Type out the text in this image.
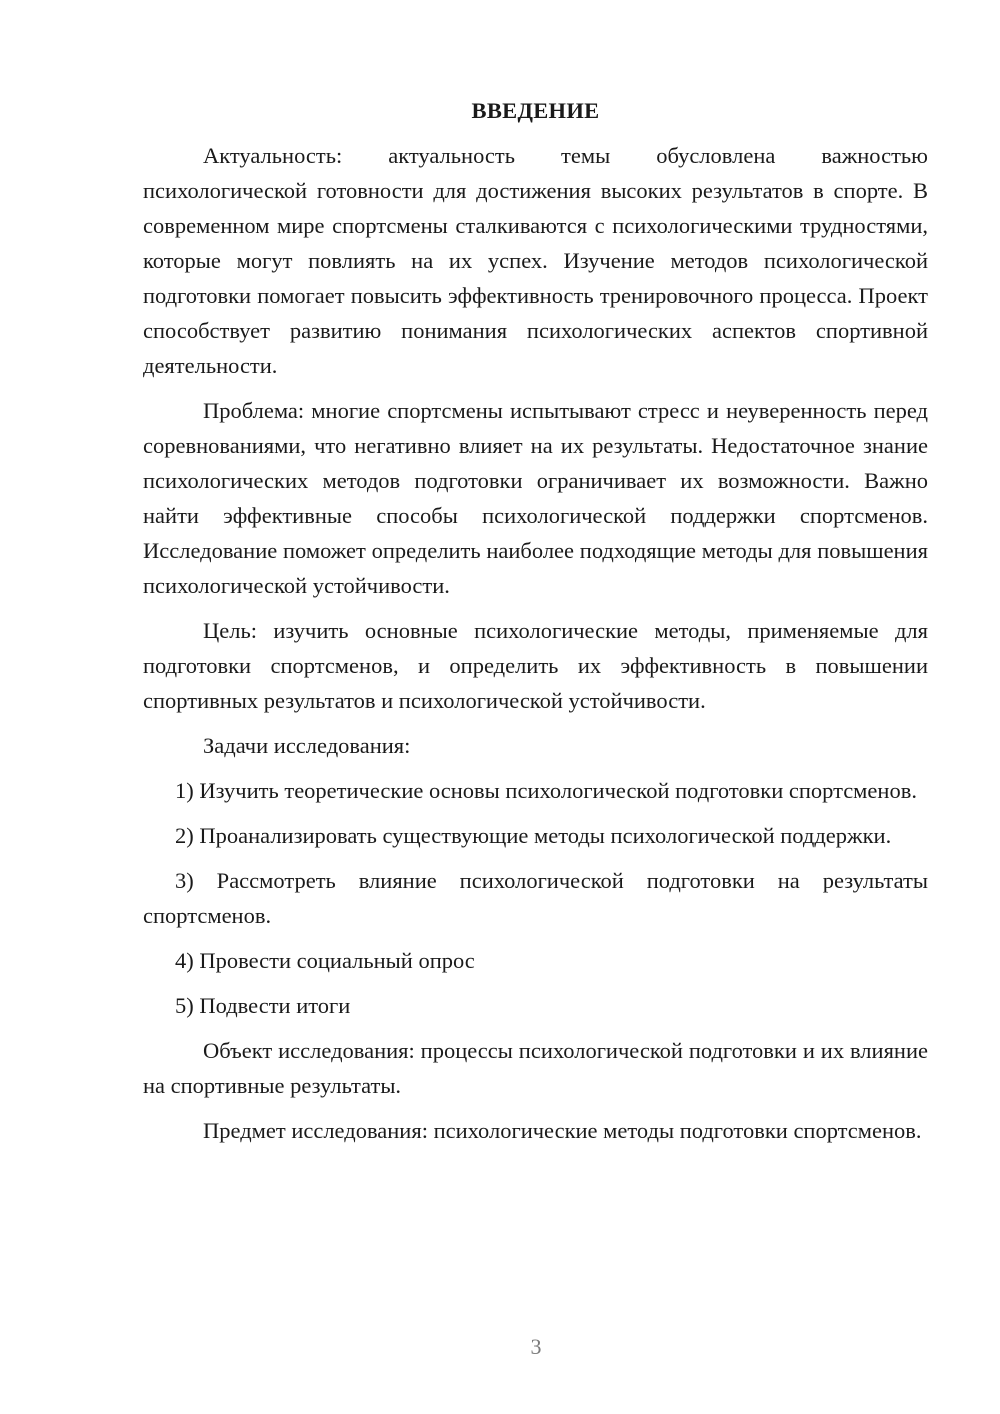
ВВЕДЕНИЕ

Актуальность: актуальность темы обусловлена важностью психологической готовности для достижения высоких результатов в спорте. В современном мире спортсмены сталкиваются с психологическими трудностями, которые могут повлиять на их успех. Изучение методов психологической подготовки помогает повысить эффективность тренировочного процесса. Проект способствует развитию понимания психологических аспектов спортивной деятельности.

Проблема: многие спортсмены испытывают стресс и неуверенность перед соревнованиями, что негативно влияет на их результаты. Недостаточное знание психологических методов подготовки ограничивает их возможности. Важно найти эффективные способы психологической поддержки спортсменов. Исследование поможет определить наиболее подходящие методы для повышения психологической устойчивости.

Цель: изучить основные психологические методы, применяемые для подготовки спортсменов, и определить их эффективность в повышении спортивных результатов и психологической устойчивости.

Задачи исследования:

1) Изучить теоретические основы психологической подготовки спортсменов.

2) Проанализировать существующие методы психологической поддержки.

3) Рассмотреть влияние психологической подготовки на результаты спортсменов.

4) Провести социальный опрос

5) Подвести итоги

Объект исследования: процессы психологической подготовки и их влияние на спортивные результаты.

Предмет исследования: психологические методы подготовки спортсменов.

3
